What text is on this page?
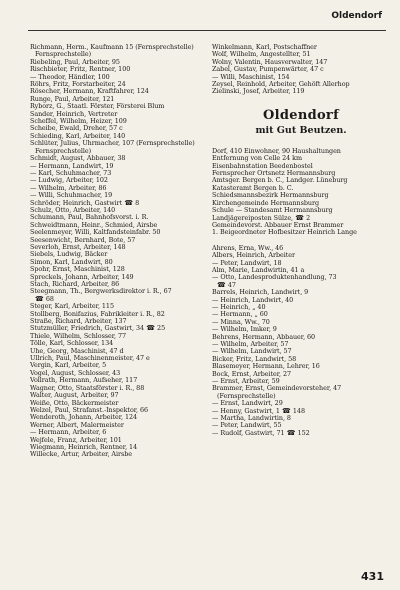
Oldendorf
Richmann, Herm., Kaufmann 15 (Fernsprechstelle)
Fernsprechstelle)
Riebeling, Paul, Arbeiter, 95
Rischbieter, Fritz, Rentner, 100
— Theodor, Händler, 100
Röhrs, Fritz, Forstarbeiter, 24
Rösecher, Hermann, Kraftfahrer, 124
Runge, Paul, Arbeiter, 121
Ryborz, G., Staatl. Förster, Försterei Blum
Sander, Heinrich, Vertreter
Scheffel, Wilhelm, Heizer, 109
Scheibe, Ewald, Dreher, 57 c
Schieding, Karl, Arbeiter, 140
Schlüter, Julius, Uhrmacher, 107 (Fernsprechstelle)
Fernsprechstelle)
Schmidt, August, Abbauer, 38
— Hermann, Landwirt, 19
— Karl, Schuhmacher, 73
— Ludwig, Arbeiter, 102
— Wilhelm, Arbeiter, 86
— Willi, Schuhmacher, 19
Schröder, Heinrich, Gastwirt ☎ 8
Schulz, Otto, Arbeiter, 140
Schumann, Paul, Bahnhofsvorst. i. R.
Schweidtmann, Heinr., Schmied, Airsbe
Seelenmeyer, Willi, Kaltfandsteinfabr. 50
Seesenwicht, Bernhard, Bote, 57
Severloh, Ernst, Arbeiter, 148
Siebels, Ludwig, Bäcker
Simon, Karl, Landwirt, 80
Spohr, Ernst, Maschinist, 128
Spreckels, Johann, Arbeiter, 149
Stach, Richard, Arbeiter, 86
Steegmann, Th., Bergwerksdirektor i. R., 67
☎ 68
Steger, Karl, Arbeiter, 115
Stollberg, Bonifazius, Fabrikleiter i. R., 82
Straße, Richard, Arbeiter, 137
Stutzmüller, Friedrich, Gastwirt, 34 ☎ 25
Thiele, Wilhelm, Schlosser, 77
Tölle, Karl, Schlosser, 134
Uhe, Georg, Maschinist, 47 d
Ullrich, Paul, Maschinenmeister, 47 e
Vergin, Karl, Arbeiter, 5
Vogel, August, Schlosser, 43
Vollrath, Hermann, Aufseher, 117
Wagner, Otto, Staatsförster i. R., 88
Walter, August, Arbeiter, 97
Weiße, Otto, Bäckermeister
Welzel, Paul, Strafanst.-Inspektor, 66
Wenderoth, Johann, Arbeiter, 124
Werner, Albert, Malermeister
— Hermann, Arbeiter, 6
Wejfele, Franz, Arbeiter, 101
Wiegmann, Heinrich, Rentner, 14
Willecke, Artur, Arbeiter, Airsbe
Winkelmann, Karl, Postschaffner
Wolf, Wilhelm, Angestellter, 51
Wolny, Valentin, Hausverwalter, 147
Zabel, Gustav, Pumpenwärter, 47 c
— Willi, Maschinist, 154
Zeysel, Reinhold, Arbeiter, Gehöft Allerhop
Zielinski, Josef, Arbeiter, 119
Oldendorf
mit Gut Beutzen.
Dorf, 410 Einwohner, 90 Haushaltungen
Entfernung von Celle 24 km
Eisenbahnstation Beedenbostel
Fernsprecher Ortsnetz Hermannsburg
Amtsger. Bergen b. C., Landger. Lüneburg
Katasteramt Bergen b. C.
Schiedsmannsbezirk Hermannsburg
Kirchengemeinde Hermannsburg
Schule — Standesamt Hermannsburg
Landjägereiposten Sülze, ☎ 2
Gemeindevorst. Abbauer Ernst Brammer
1. Beigeordneter Hofbesitzer Heinrich Lange
Ahrens, Erna, Ww., 46
Albers, Heinrich, Arbeiter
— Peter, Landwirt, 18
Alm, Marie, Landwirtin, 41 a
— Otto, Landesproduktenhandlung, 73
☎ 47
Barrels, Heinrich, Landwirt, 9
— Heinrich, Landwirt, 40
— Heinrich, „ 40
— Hermann, „ 60
— Minna, Ww., 70
— Wilhelm, Imker, 9
Behrens, Hermann, Abbauer, 60
— Wilhelm, Arbeiter, 57
— Wilhelm, Landwirt, 57
Bicker, Fritz, Landwirt, 58
Blasemeyer, Hermann, Lehrer, 16
Bock, Ernst, Arbeiter, 27
— Ernst, Arbeiter, 59
Brammer, Ernst, Gemeindevorsteher, 47
(Fernsprechstelle)
— Ernst, Landwirt, 29
— Henny, Gastwirt, 1 ☎ 148
— Martha, Landwirtin, 8
— Peter, Landwirt, 55
— Rudolf, Gastwirt, 71 ☎ 152
431
